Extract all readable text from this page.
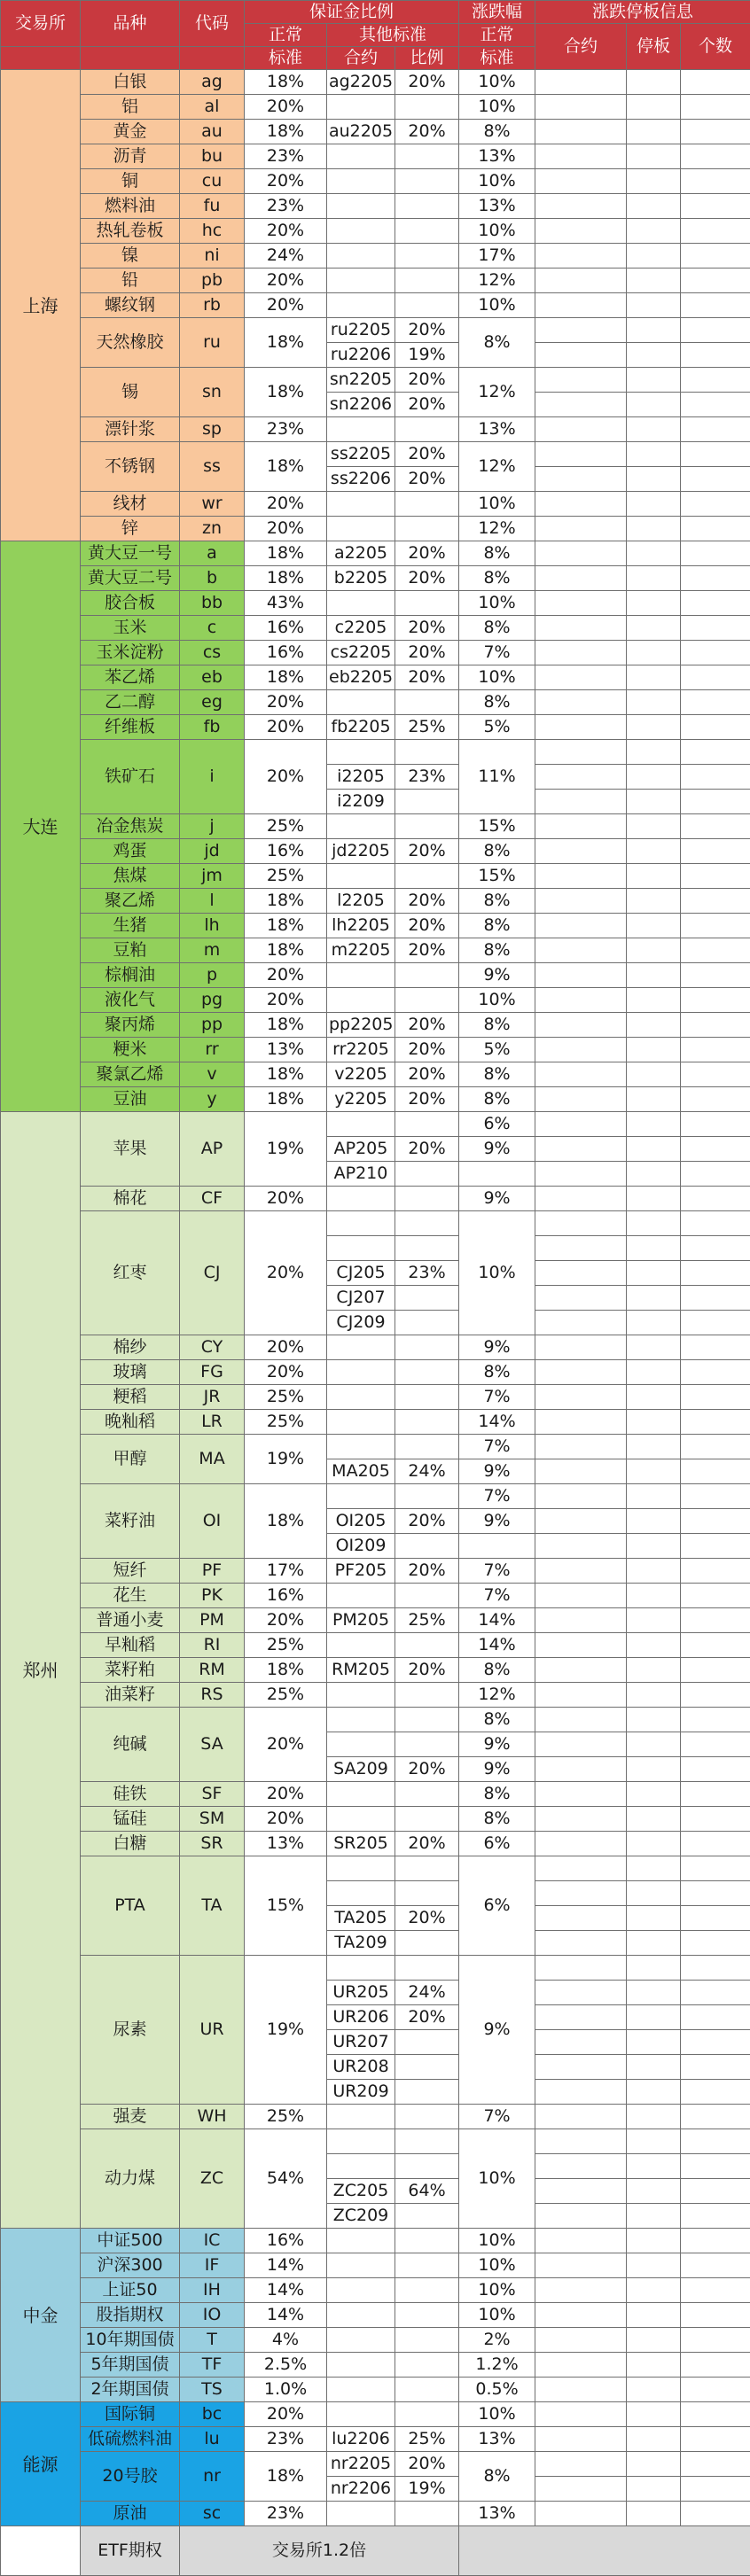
交易所	品种	代码	保证金比例			涨跌幅	涨跌停板信息		
			正常	其他标准		正常	合约	停板	个数
			标准	合约	比例	标准			
上海	白银	ag	18%	ag2205	20%	10%			
	铝	al	20%			10%			
	黄金	au	18%	au2205	20%	8%			
	沥青	bu	23%			13%			
	铜	cu	20%			10%			
	燃料油	fu	23%			13%			
	热轧卷板	hc	20%			10%			
	镍	ni	24%			17%			
	铅	pb	20%			12%			
	螺纹钢	rb	20%			10%			
	天然橡胶	ru	18%	ru2205	20%	8%			
				ru2206	19%				
	锡	sn	18%	sn2205	20%	12%			
				sn2206	20%				
	漂针浆	sp	23%			13%			
	不锈钢	ss	18%	ss2205	20%	12%			
				ss2206	20%				
	线材	wr	20%			10%			
	锌	zn	20%			12%			
大连	黄大豆一号	a	18%	a2205	20%	8%			
	黄大豆二号	b	18%	b2205	20%	8%			
	胶合板	bb	43%			10%			
	玉米	c	16%	c2205	20%	8%			
	玉米淀粉	cs	16%	cs2205	20%	7%			
	苯乙烯	eb	18%	eb2205	20%	10%			
	乙二醇	eg	20%			8%			
	纤维板	fb	20%	fb2205	25%	5%			
	铁矿石	i	20%			11%			
				i2205	23%				
				i2209					
	冶金焦炭	j	25%			15%			
	鸡蛋	jd	16%	jd2205	20%	8%			
	焦煤	jm	25%			15%			
	聚乙烯	l	18%	l2205	20%	8%			
	生猪	lh	18%	lh2205	20%	8%			
	豆粕	m	18%	m2205	20%	8%			
	棕榈油	p	20%			9%			
	液化气	pg	20%			10%			
	聚丙烯	pp	18%	pp2205	20%	8%			
	粳米	rr	13%	rr2205	20%	5%			
	聚氯乙烯	v	18%	v2205	20%	8%			
	豆油	y	18%	y2205	20%	8%			
郑州	苹果	AP	19%			6%			
				AP205	20%	9%			
				AP210					
	棉花	CF	20%			9%			
	红枣	CJ	20%			10%			

				CJ205	23%				
				CJ207					
				CJ209					
	棉纱	CY	20%			9%			
	玻璃	FG	20%			8%			
	粳稻	JR	25%			7%			
	晚籼稻	LR	25%			14%			
	甲醇	MA	19%			7%			
				MA205	24%	9%			
	菜籽油	OI	18%			7%			
				OI205	20%	9%			
				OI209					
	短纤	PF	17%	PF205	20%	7%			
	花生	PK	16%			7%			
	普通小麦	PM	20%	PM205	25%	14%			
	早籼稻	RI	25%			14%			
	菜籽粕	RM	18%	RM205	20%	8%			
	油菜籽	RS	25%			12%			
	纯碱	SA	20%			8%			
						9%			
				SA209	20%	9%			
	硅铁	SF	20%			8%			
	锰硅	SM	20%			8%			
	白糖	SR	13%	SR205	20%	6%			
	PTA	TA	15%			6%			

				TA205	20%				
				TA209					
	尿素	UR	19%			9%			
				UR205	24%				
				UR206	20%				
				UR207					
				UR208					
				UR209					
	强麦	WH	25%			7%			
	动力煤	ZC	54%			10%			

				ZC205	64%				
				ZC209					
中金	中证500	IC	16%			10%			
	沪深300	IF	14%			10%			
	上证50	IH	14%			10%			
	股指期权	IO	14%			10%			
	10年期国债	T	4%			2%			
	5年期国债	TF	2.5%			1.2%			
	2年期国债	TS	1.0%			0.5%			
能源	国际铜	bc	20%			10%			
	低硫燃料油	lu	23%	lu2206	25%	13%			
	20号胶	nr	18%	nr2205	20%	8%			
				nr2206	19%				
	原油	sc	23%			13%			
	ETF期权	交易所1.2倍							
